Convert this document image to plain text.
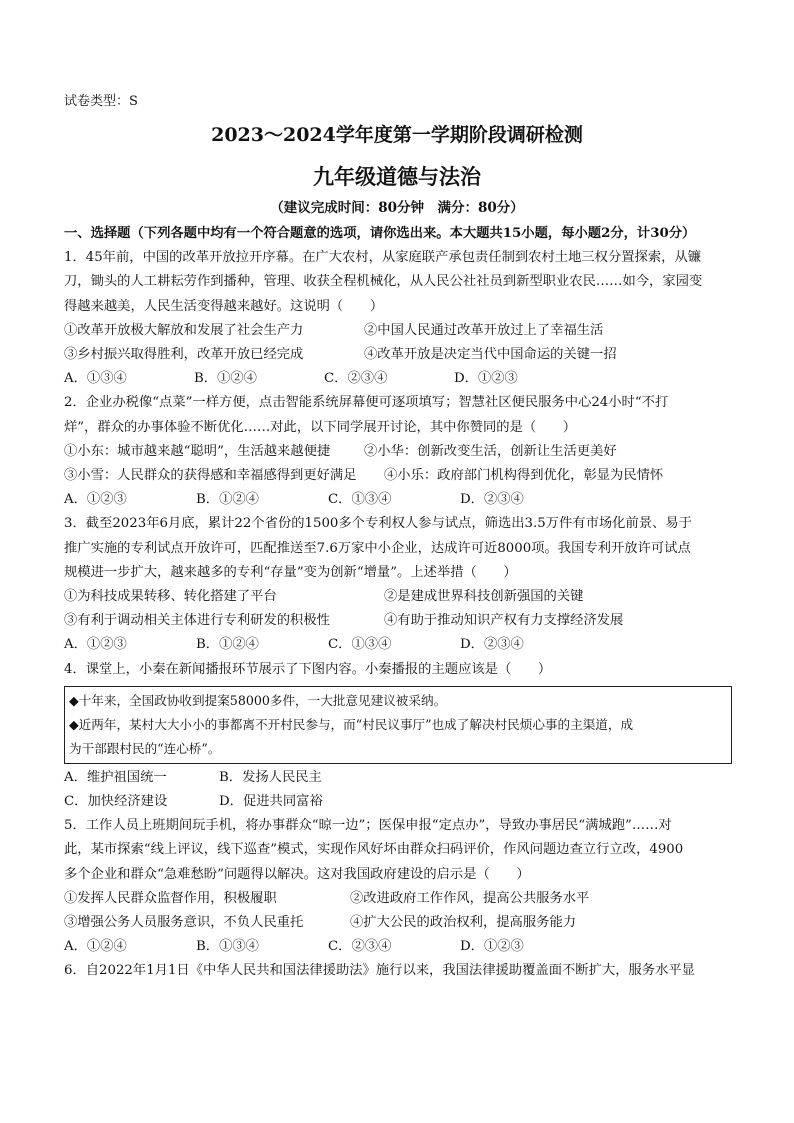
试卷类型：S
2023～2024学年度第一学期阶段调研检测
九年级道德与法治
（建议完成时间：80分钟　满分：80分）

一、选择题（下列各题中均有一个符合题意的选项，请你选出来。本大题共15小题，每小题2分，计30分）

1．45年前，中国的改革开放拉开序幕。在广大农村，从家庭联产承包责任制到农村土地三权分置探索，从镰

刀，锄头的人工耕耘劳作到播种，管理、收获全程机械化，从人民公社社员到新型职业农民……如今，家园变

得越来越美，人民生活变得越来越好。这说明（　　）

①改革开放极大解放和发展了社会生产力	②中国人民通过改革开放过上了幸福生活
③乡村振兴取得胜利，改革开放已经完成	④改革开放是决定当代中国命运的关键一招
A．①③④	B．①②④	C．②③④	D．①②③

2．企业办税像“点菜”一样方便，点击智能系统屏幕便可逐项填写；智慧社区便民服务中心24小时“不打

烊”，群众的办事体验不断优化……对此，以下同学展开讨论，其中你赞同的是（　　）

①小东：城市越来越“聪明”，生活越来越便捷	②小华：创新改变生活，创新让生活更美好
③小雪：人民群众的获得感和幸福感得到更好满足	④小乐：政府部门机构得到优化，彰显为民情怀
A．①②③	B．①②④	C．①③④	D．②③④

3．截至2023年6月底，累计22个省份的1500多个专利权人参与试点，筛选出3.5万件有市场化前景、易于

推广实施的专利试点开放许可，匹配推送至7.6万家中小企业，达成许可近8000项。我国专利开放许可试点

规模进一步扩大，越来越多的专利“存量”变为创新“增量”。上述举措（　　）

①为科技成果转移、转化搭建了平台	②是建成世界科技创新强国的关键
③有利于调动相关主体进行专利研发的积极性	④有助于推动知识产权有力支撑经济发展
A．①②③	B．①②④	C．①③④	D．②③④

4．课堂上，小秦在新闻播报环节展示了下图内容。小秦播报的主题应该是（　　）

◆十年来，全国政协收到提案58000多件，一大批意见建议被采纳。

◆近两年，某村大大小小的事都离不开村民参与，而“村民议事厅”也成了解决村民烦心事的主渠道，成

为干部跟村民的“连心桥”。

A．维护祖国统一	B．发扬人民民主
C．加快经济建设	D．促进共同富裕

5．工作人员上班期间玩手机，将办事群众“晾一边”；医保申报“定点办”，导致办事居民“满城跑”……对

此，某市探索“线上评议，线下巡查”模式，实现作风好坏由群众扫码评价，作风问题边查立行立改，4900

多个企业和群众“急难愁盼”问题得以解决。这对我国政府建设的启示是（　　）

①发挥人民群众监督作用，积极履职	②改进政府工作作风，提高公共服务水平
③增强公务人员服务意识，不负人民重托	④扩大公民的政治权利，提高服务能力
A．①②④	B．①③④	C．②③④	D．①②③

6．自2022年1月1日《中华人民共和国法律援助法》施行以来，我国法律援助覆盖面不断扩大，服务水平显
